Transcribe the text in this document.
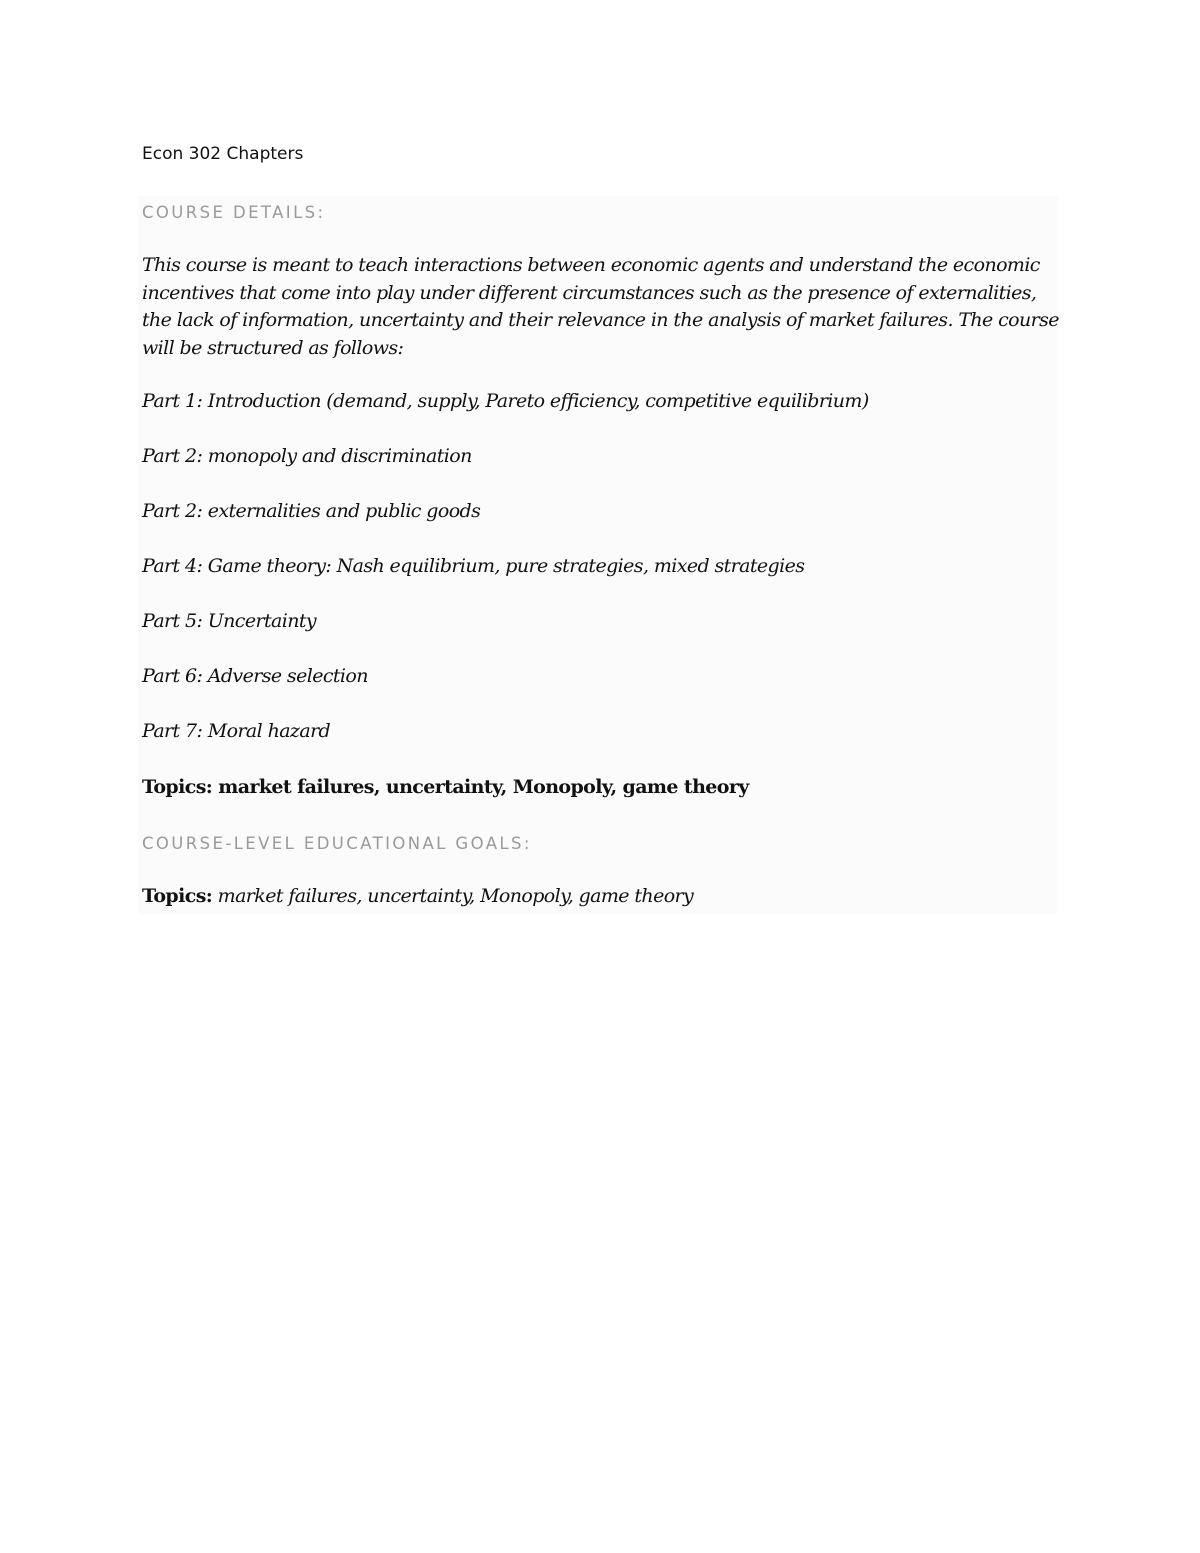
Econ 302 Chapters
COURSE DETAILS:
This course is meant to teach interactions between economic agents and understand the economic incentives that come into play under different circumstances such as the presence of externalities, the lack of information, uncertainty and their relevance in the analysis of market failures. The course will be structured as follows:
Part 1: Introduction (demand, supply, Pareto efficiency, competitive equilibrium)
Part 2: monopoly and discrimination
Part 2: externalities and public goods
Part 4: Game theory: Nash equilibrium, pure strategies, mixed strategies
Part 5: Uncertainty
Part 6: Adverse selection
Part 7: Moral hazard
Topics: market failures, uncertainty, Monopoly, game theory
COURSE-LEVEL EDUCATIONAL GOALS:
Topics: market failures, uncertainty, Monopoly, game theory
